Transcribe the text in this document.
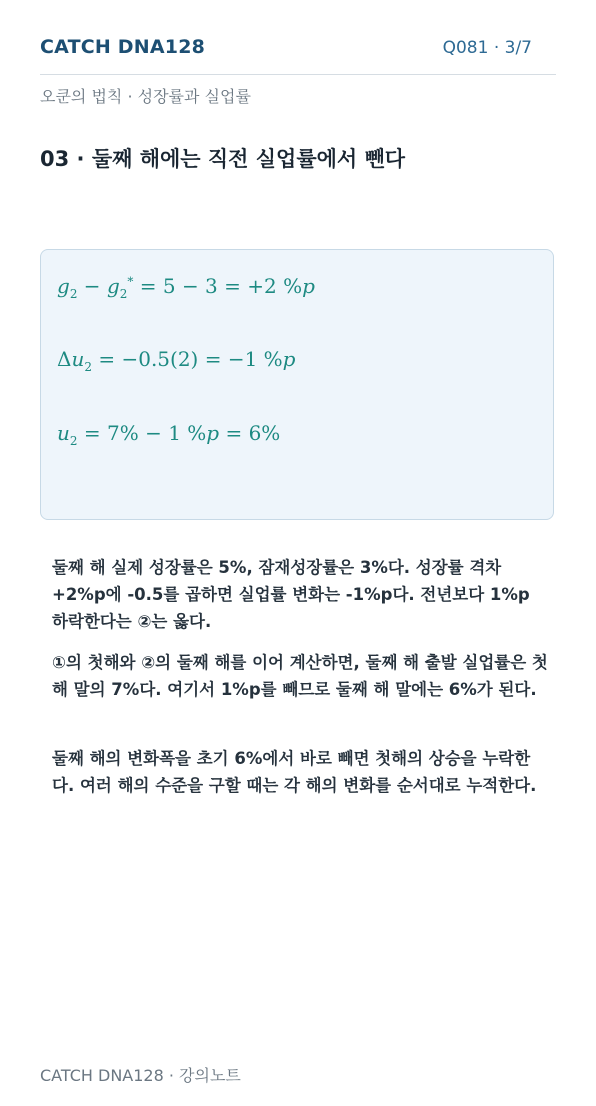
CATCH DNA128	Q081 · 3/7
오쿤의 법칙 · 성장률과 실업률
03 · 둘째 해에는 직전 실업률에서 뺀다
$g_2 - g_2^* = 5 - 3 = +2$ %p
$\Delta u_2 = -0.5(2) = -1$ %p
$u_2 = 7\% - 1$ %p = 6%

둘째 해 실제 성장률은 5%, 잠재성장률은 3%다. 성장률 격차 +2%p에 -0.5를 곱하면 실업률 변화는 -1%p다. 전년보다 1%p 하락한다는 ②는 옳다.

①의 첫해와 ②의 둘째 해를 이어 계산하면, 둘째 해 출발 실업률은 첫해 말의 7%다. 여기서 1%p를 빼므로 둘째 해 말에는 6%가 된다.

둘째 해의 변화폭을 초기 6%에서 바로 빼면 첫해의 상승을 누락한다. 여러 해의 수준을 구할 때는 각 해의 변화를 순서대로 누적한다.

CATCH DNA128 · 강의노트
